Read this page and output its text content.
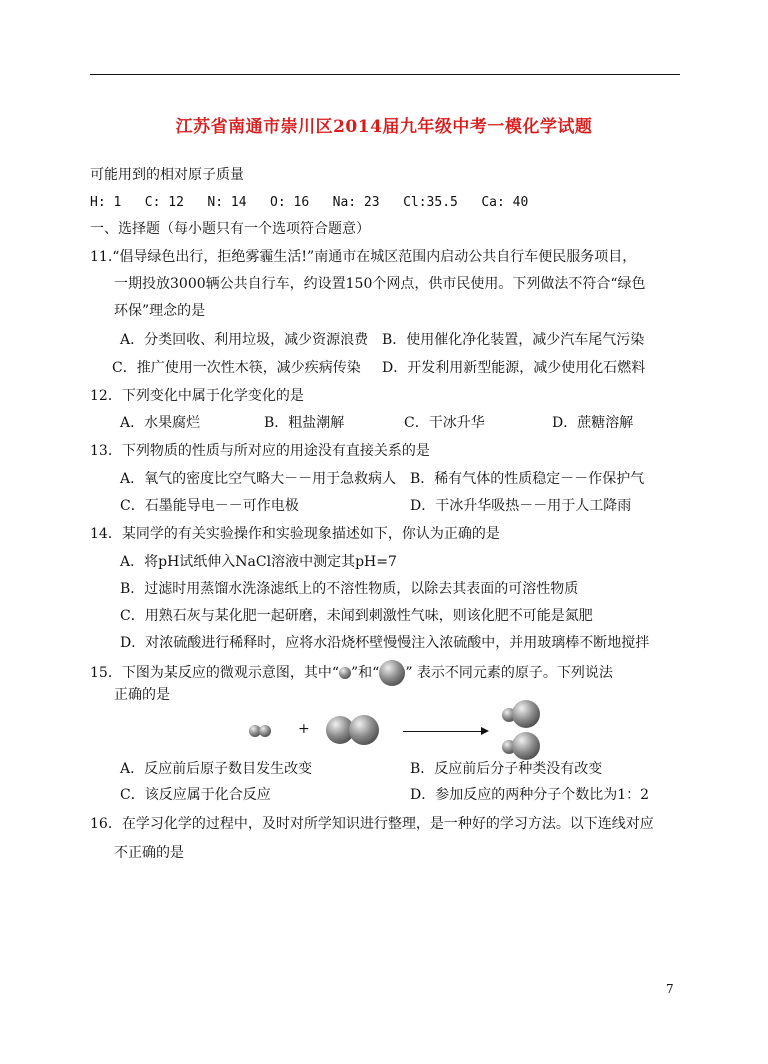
江苏省南通市崇川区2014届九年级中考一模化学试题
可能用到的相对原子质量
H: 1   C: 12   N: 14   O: 16   Na: 23   Cl:35.5   Ca: 40
一、选择题（每小题只有一个选项符合题意）
11.“倡导绿色出行，拒绝雾霾生活!”南通市在城区范围内启动公共自行车便民服务项目，
一期投放3000辆公共自行车，约设置150个网点，供市民使用。下列做法不符合“绿色
环保”理念的是
A．分类回收、利用垃圾，减少资源浪费 B．使用催化净化装置，减少汽车尾气污染
C．推广使用一次性木筷，减少疾病传染 D．开发利用新型能源，减少使用化石燃料
12．下列变化中属于化学变化的是
A．水果腐烂	B．粗盐潮解	C．干冰升华	D．蔗糖溶解
13．下列物质的性质与所对应的用途没有直接关系的是
A．氧气的密度比空气略大－－用于急救病人 B．稀有气体的性质稳定－－作保护气
C．石墨能导电－－可作电极	D．干冰升华吸热－－用于人工降雨
14．某同学的有关实验操作和实验现象描述如下，你认为正确的是
A．将pH试纸伸入NaCl溶液中测定其pH=7
B．过滤时用蒸馏水洗涤滤纸上的不溶性物质，以除去其表面的可溶性物质
C．用熟石灰与某化肥一起研磨，未闻到刺激性气味，则该化肥不可能是氮肥
D．对浓硫酸进行稀释时，应将水沿烧杯壁慢慢注入浓硫酸中，并用玻璃棒不断地搅拌
15．下图为某反应的微观示意图，其中“ ”和“ ” 表示不同元素的原子。下列说法
正确的是
+
A．反应前后原子数目发生改变	B．反应前后分子种类没有改变
C．该反应属于化合反应	D．参加反应的两种分子个数比为1：2
16．在学习化学的过程中，及时对所学知识进行整理，是一种好的学习方法。以下连线对应
不正确的是
7
